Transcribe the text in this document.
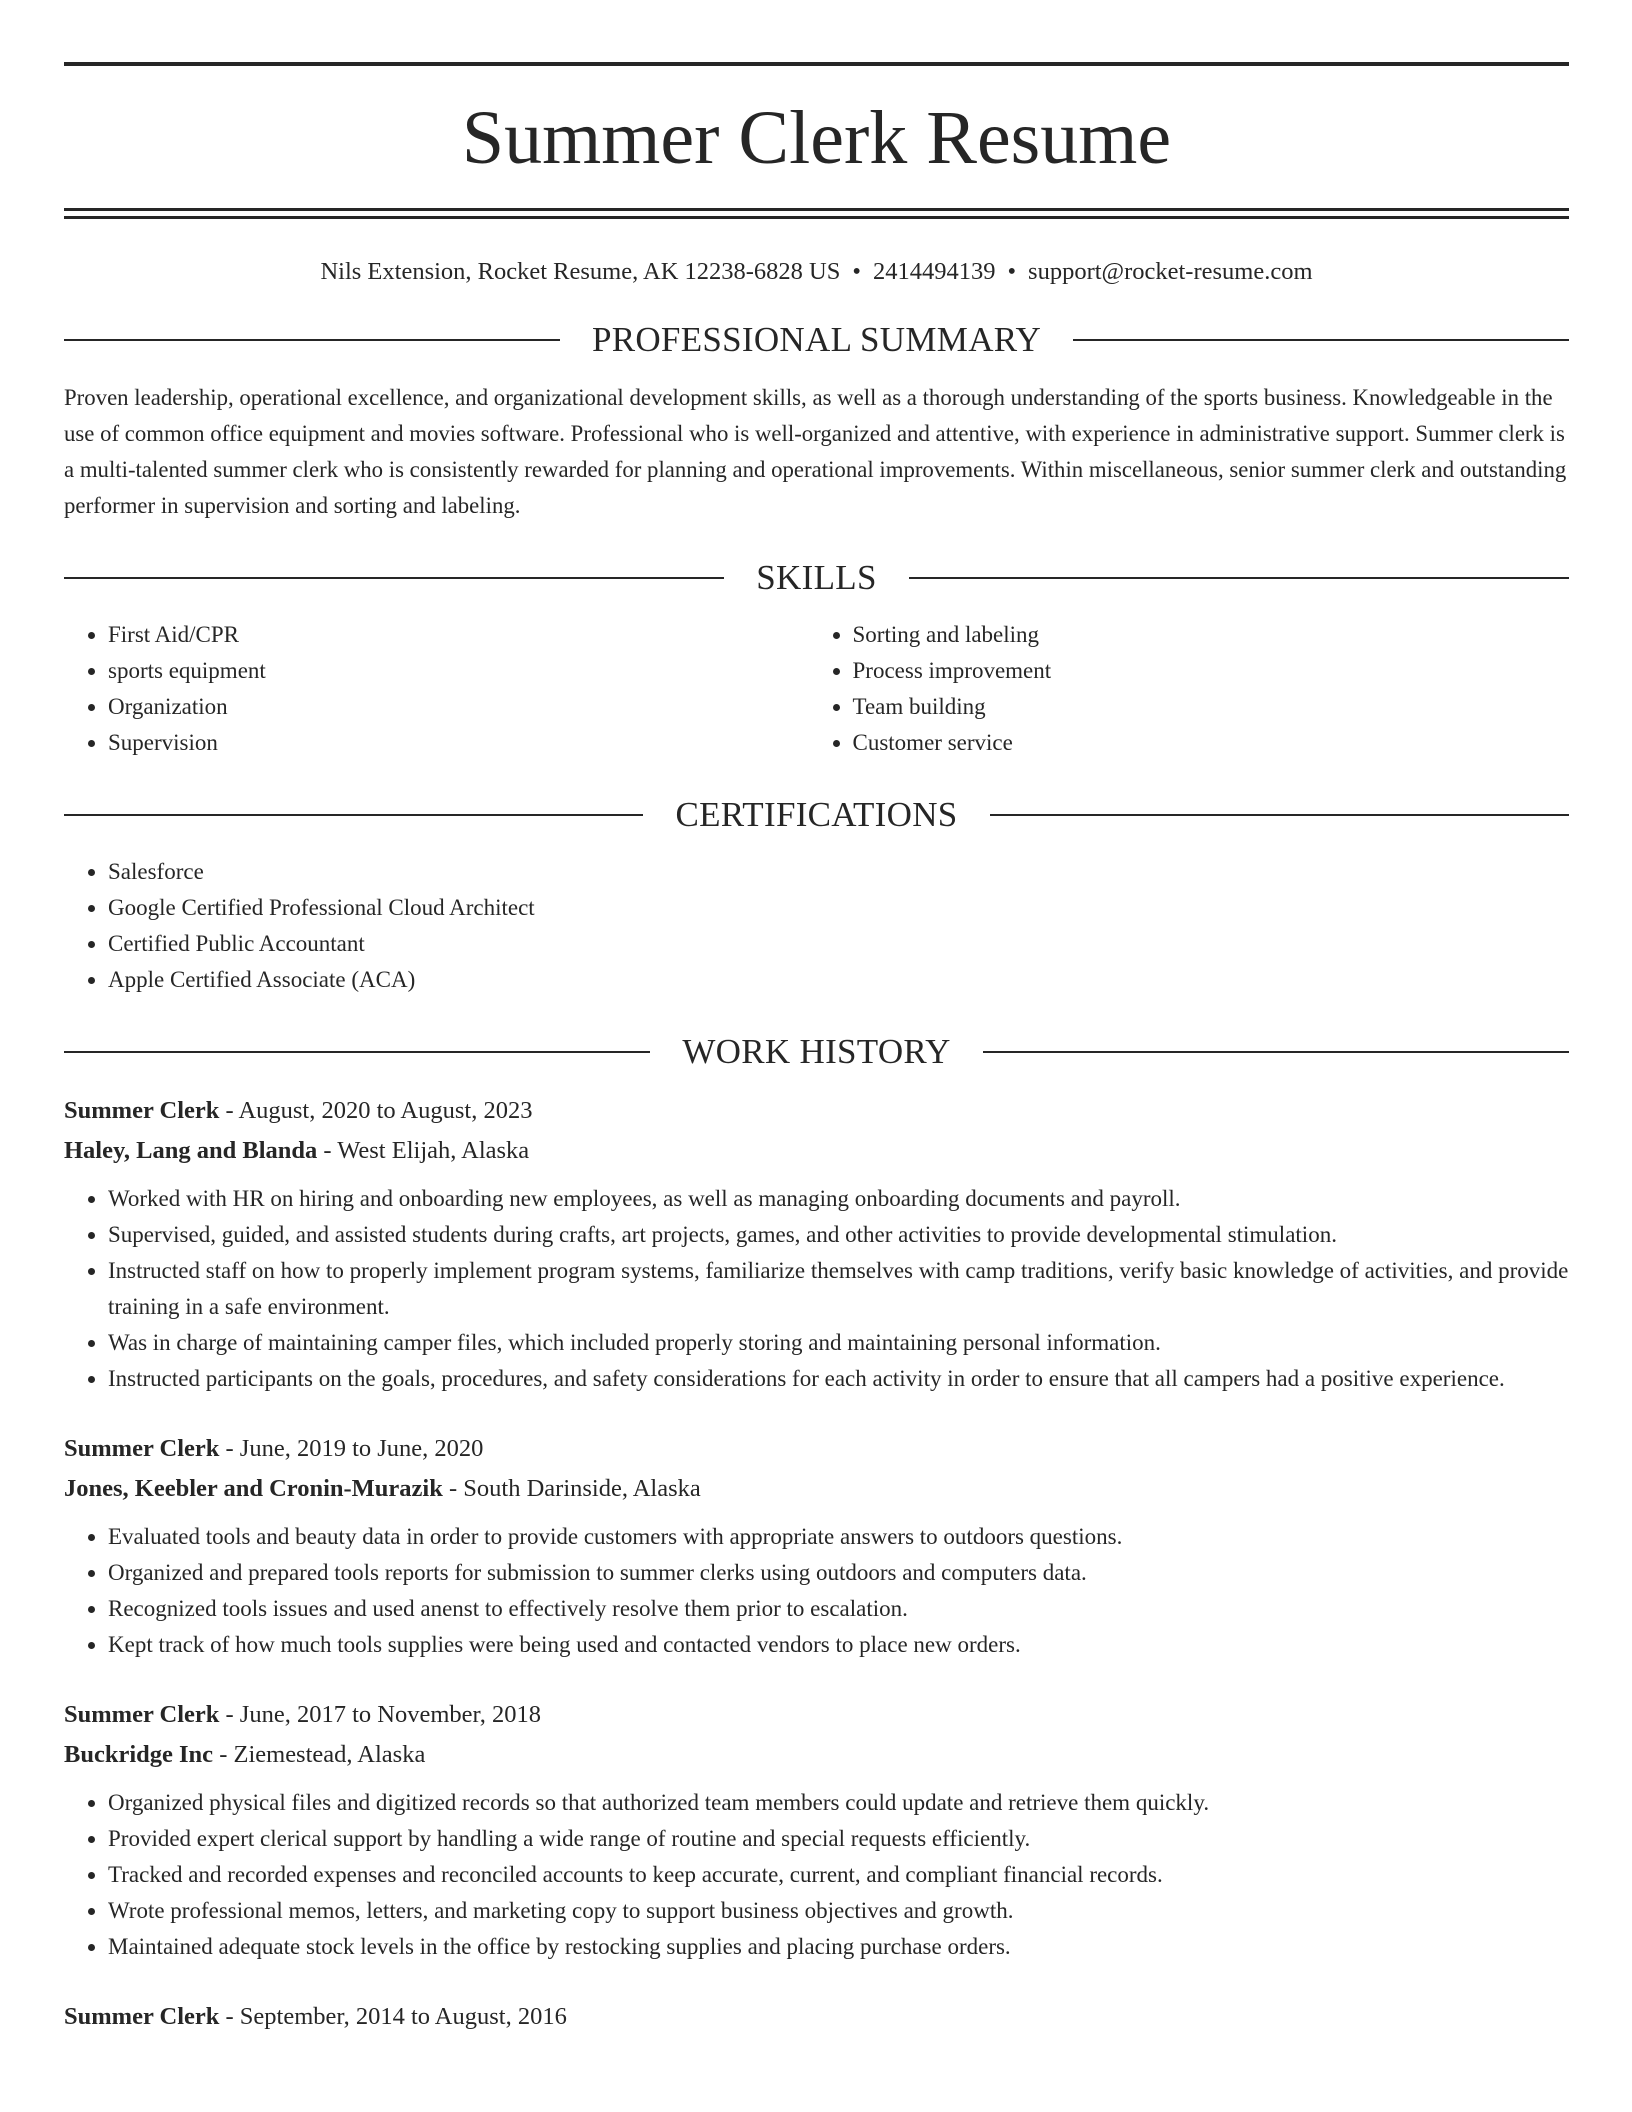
Summer Clerk Resume
Nils Extension, Rocket Resume, AK 12238-6828 US • 2414494139 • support@rocket-resume.com
PROFESSIONAL SUMMARY
Proven leadership, operational excellence, and organizational development skills, as well as a thorough understanding of the sports business. Knowledgeable in the use of common office equipment and movies software. Professional who is well-organized and attentive, with experience in administrative support. Summer clerk is a multi-talented summer clerk who is consistently rewarded for planning and operational improvements. Within miscellaneous, senior summer clerk and outstanding performer in supervision and sorting and labeling.
SKILLS
• First Aid/CPR
• sports equipment
• Organization
• Supervision
• Sorting and labeling
• Process improvement
• Team building
• Customer service
CERTIFICATIONS
• Salesforce
• Google Certified Professional Cloud Architect
• Certified Public Accountant
• Apple Certified Associate (ACA)
WORK HISTORY
Summer Clerk - August, 2020 to August, 2023
Haley, Lang and Blanda - West Elijah, Alaska
• Worked with HR on hiring and onboarding new employees, as well as managing onboarding documents and payroll.
• Supervised, guided, and assisted students during crafts, art projects, games, and other activities to provide developmental stimulation.
• Instructed staff on how to properly implement program systems, familiarize themselves with camp traditions, verify basic knowledge of activities, and provide training in a safe environment.
• Was in charge of maintaining camper files, which included properly storing and maintaining personal information.
• Instructed participants on the goals, procedures, and safety considerations for each activity in order to ensure that all campers had a positive experience.
Summer Clerk - June, 2019 to June, 2020
Jones, Keebler and Cronin-Murazik - South Darinside, Alaska
• Evaluated tools and beauty data in order to provide customers with appropriate answers to outdoors questions.
• Organized and prepared tools reports for submission to summer clerks using outdoors and computers data.
• Recognized tools issues and used anenst to effectively resolve them prior to escalation.
• Kept track of how much tools supplies were being used and contacted vendors to place new orders.
Summer Clerk - June, 2017 to November, 2018
Buckridge Inc - Ziemestead, Alaska
• Organized physical files and digitized records so that authorized team members could update and retrieve them quickly.
• Provided expert clerical support by handling a wide range of routine and special requests efficiently.
• Tracked and recorded expenses and reconciled accounts to keep accurate, current, and compliant financial records.
• Wrote professional memos, letters, and marketing copy to support business objectives and growth.
• Maintained adequate stock levels in the office by restocking supplies and placing purchase orders.
Summer Clerk - September, 2014 to August, 2016
